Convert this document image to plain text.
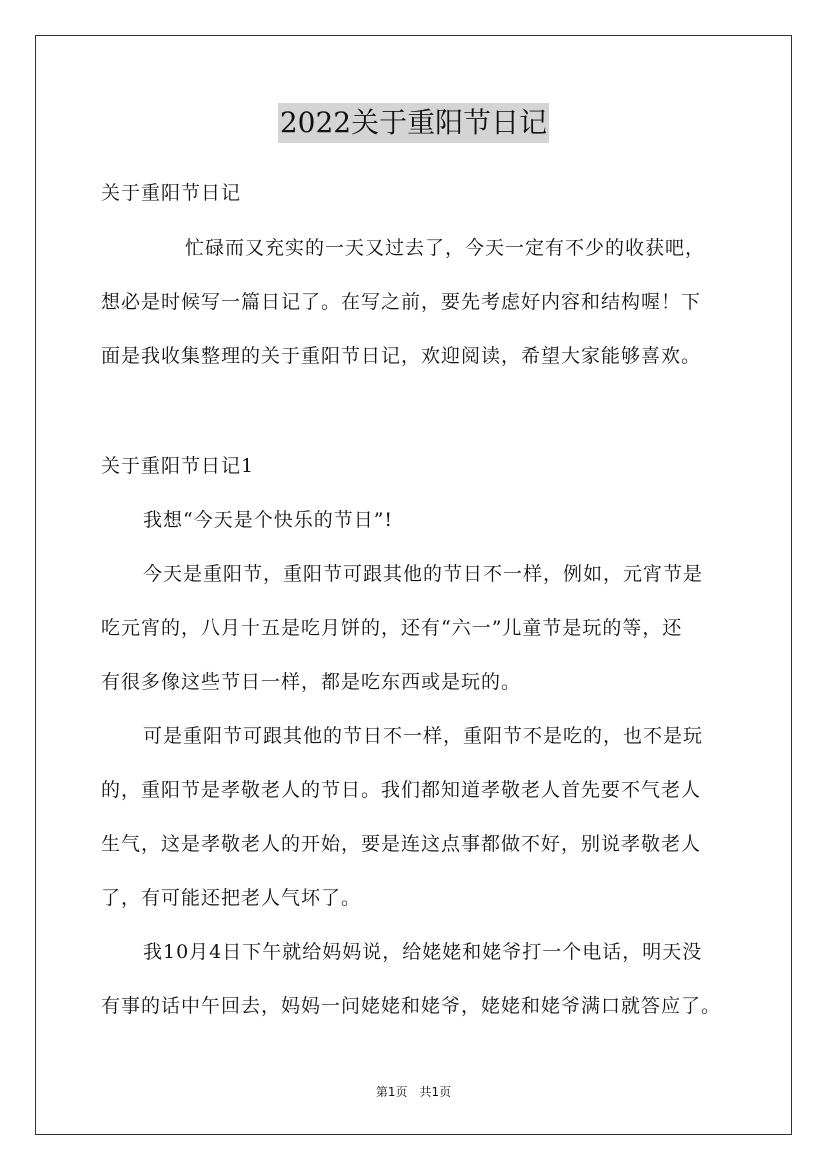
2022关于重阳节日记
关于重阳节日记
忙碌而又充实的一天又过去了，今天一定有不少的收获吧，
想必是时候写一篇日记了。在写之前，要先考虑好内容和结构喔！下
面是我收集整理的关于重阳节日记，欢迎阅读，希望大家能够喜欢。
关于重阳节日记1
我想“今天是个快乐的节日”!
今天是重阳节，重阳节可跟其他的节日不一样，例如，元宵节是
吃元宵的，八月十五是吃月饼的，还有“六一”儿童节是玩的等，还
有很多像这些节日一样，都是吃东西或是玩的。
可是重阳节可跟其他的节日不一样，重阳节不是吃的，也不是玩
的，重阳节是孝敬老人的节日。我们都知道孝敬老人首先要不气老人
生气，这是孝敬老人的开始，要是连这点事都做不好，别说孝敬老人
了，有可能还把老人气坏了。
我10月4日下午就给妈妈说，给姥姥和姥爷打一个电话，明天没
有事的话中午回去，妈妈一问姥姥和姥爷，姥姥和姥爷满口就答应了。
第1页 共1页
